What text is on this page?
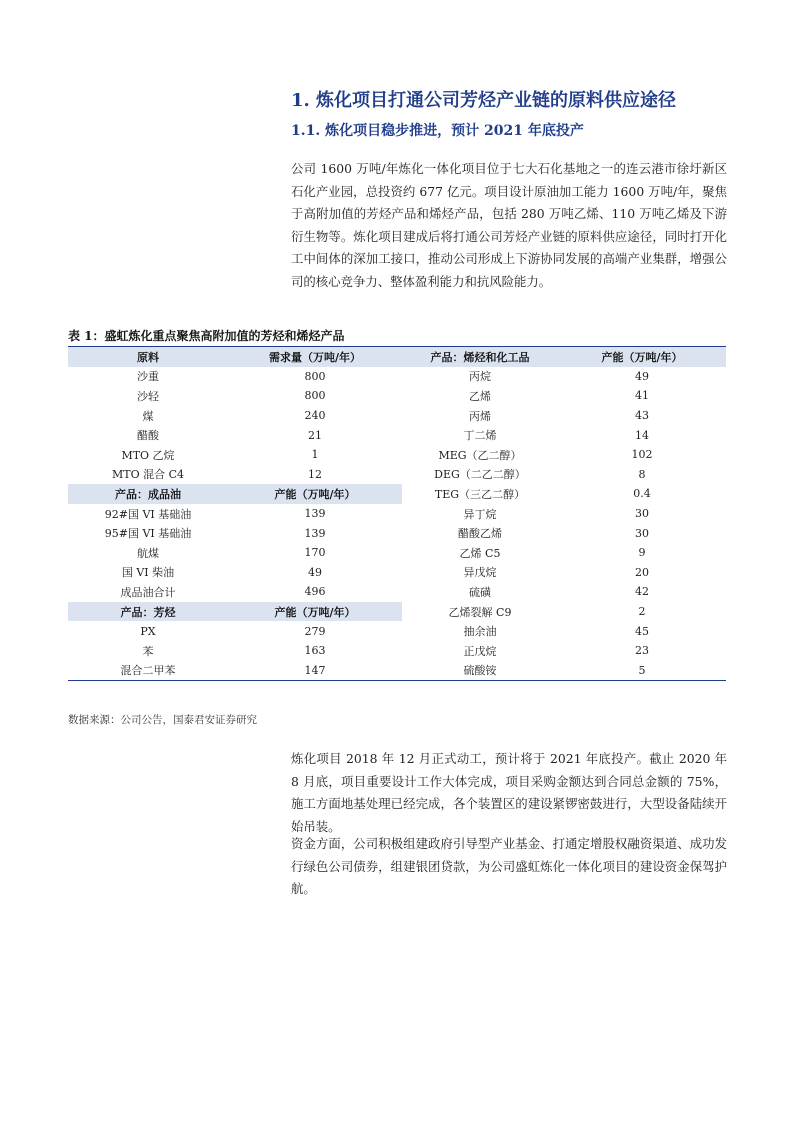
1. 炼化项目打通公司芳烃产业链的原料供应途径
1.1. 炼化项目稳步推进，预计 2021 年底投产

公司 1600 万吨/年炼化一体化项目位于七大石化基地之一的连云港市徐圩新区石化产业园，总投资约 677 亿元。项目设计原油加工能力 1600 万吨/年，聚焦于高附加值的芳烃产品和烯烃产品，包括 280 万吨乙烯、110 万吨乙烯及下游衍生物等。炼化项目建成后将打通公司芳烃产业链的原料供应途径，同时打开化工中间体的深加工接口，推动公司形成上下游协同发展的高端产业集群，增强公司的核心竞争力、整体盈利能力和抗风险能力。

表 1：盛虹炼化重点聚焦高附加值的芳烃和烯烃产品
原料	需求量（万吨/年）	产品：烯烃和化工品	产能（万吨/年）
沙重	800	丙烷	49
沙轻	800	乙烯	41
煤	240	丙烯	43
醋酸	21	丁二烯	14
MTO 乙烷	1	MEG（乙二醇）	102
MTO 混合 C4	12	DEG（二乙二醇）	8
产品：成品油	产能（万吨/年）	TEG（三乙二醇）	0.4
92#国 VI 基础油	139	异丁烷	30
95#国 VI 基础油	139	醋酸乙烯	30
航煤	170	乙烯 C5	9
国 VI 柴油	49	异戊烷	20
成品油合计	496	硫磺	42
产品：芳烃	产能（万吨/年）	乙烯裂解 C9	2
PX	279	抽余油	45
苯	163	正戊烷	23
混合二甲苯	147	硫酸铵	5
数据来源：公司公告，国泰君安证券研究

炼化项目 2018 年 12 月正式动工，预计将于 2021 年底投产。截止 2020 年 8 月底，项目重要设计工作大体完成，项目采购金额达到合同总金额的 75%，施工方面地基处理已经完成，各个装置区的建设紧锣密鼓进行，大型设备陆续开始吊装。

资金方面，公司积极组建政府引导型产业基金、打通定增股权融资渠道、成功发行绿色公司债券，组建银团贷款，为公司盛虹炼化一体化项目的建设资金保驾护航。
